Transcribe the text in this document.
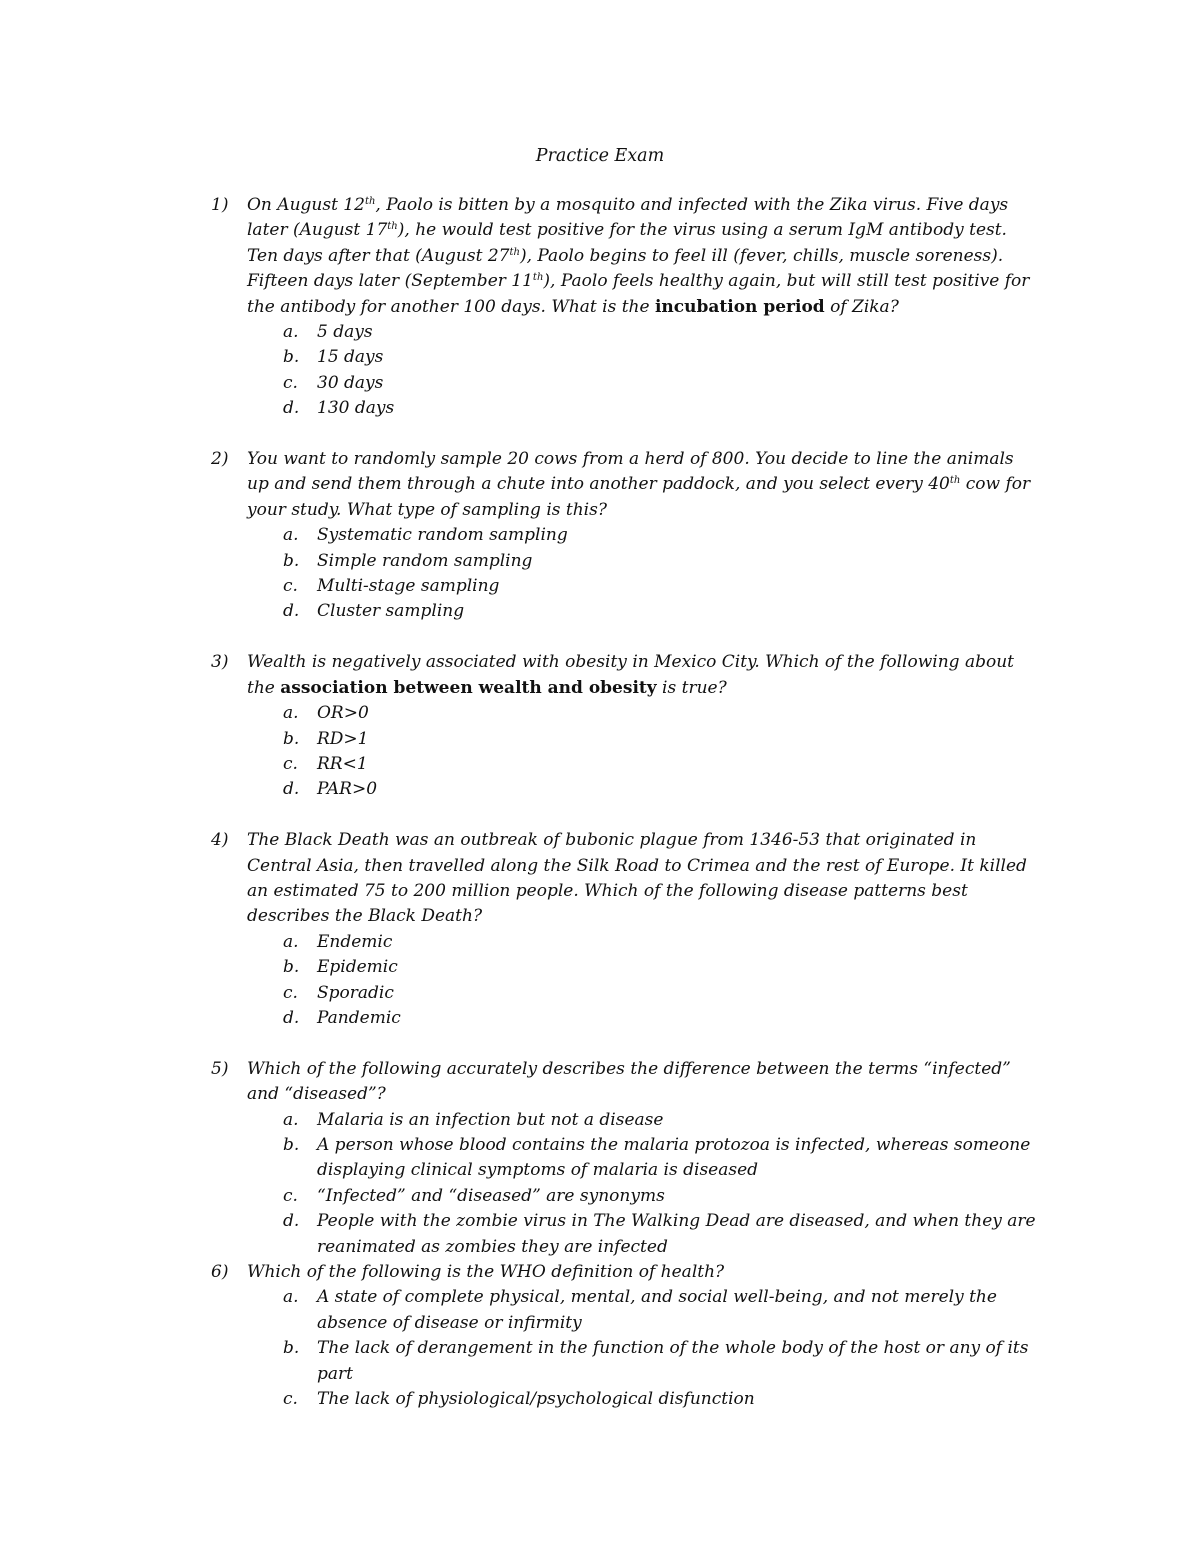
Practice Exam
1) On August 12th, Paolo is bitten by a mosquito and infected with the Zika virus. Five days later (August 17th), he would test positive for the virus using a serum IgM antibody test. Ten days after that (August 27th), Paolo begins to feel ill (fever, chills, muscle soreness). Fifteen days later (September 11th), Paolo feels healthy again, but will still test positive for the antibody for another 100 days. What is the incubation period of Zika?
a. 5 days
b. 15 days
c. 30 days
d. 130 days
2) You want to randomly sample 20 cows from a herd of 800. You decide to line the animals up and send them through a chute into another paddock, and you select every 40th cow for your study. What type of sampling is this?
a. Systematic random sampling
b. Simple random sampling
c. Multi-stage sampling
d. Cluster sampling
3) Wealth is negatively associated with obesity in Mexico City. Which of the following about the association between wealth and obesity is true?
a. OR>0
b. RD>1
c. RR<1
d. PAR>0
4) The Black Death was an outbreak of bubonic plague from 1346-53 that originated in Central Asia, then travelled along the Silk Road to Crimea and the rest of Europe. It killed an estimated 75 to 200 million people. Which of the following disease patterns best describes the Black Death?
a. Endemic
b. Epidemic
c. Sporadic
d. Pandemic
5) Which of the following accurately describes the difference between the terms “infected” and “diseased”?
a. Malaria is an infection but not a disease
b. A person whose blood contains the malaria protozoa is infected, whereas someone displaying clinical symptoms of malaria is diseased
c. “Infected” and “diseased” are synonyms
d. People with the zombie virus in The Walking Dead are diseased, and when they are reanimated as zombies they are infected
6) Which of the following is the WHO definition of health?
a. A state of complete physical, mental, and social well-being, and not merely the absence of disease or infirmity
b. The lack of derangement in the function of the whole body of the host or any of its part
c. The lack of physiological/psychological disfunction
